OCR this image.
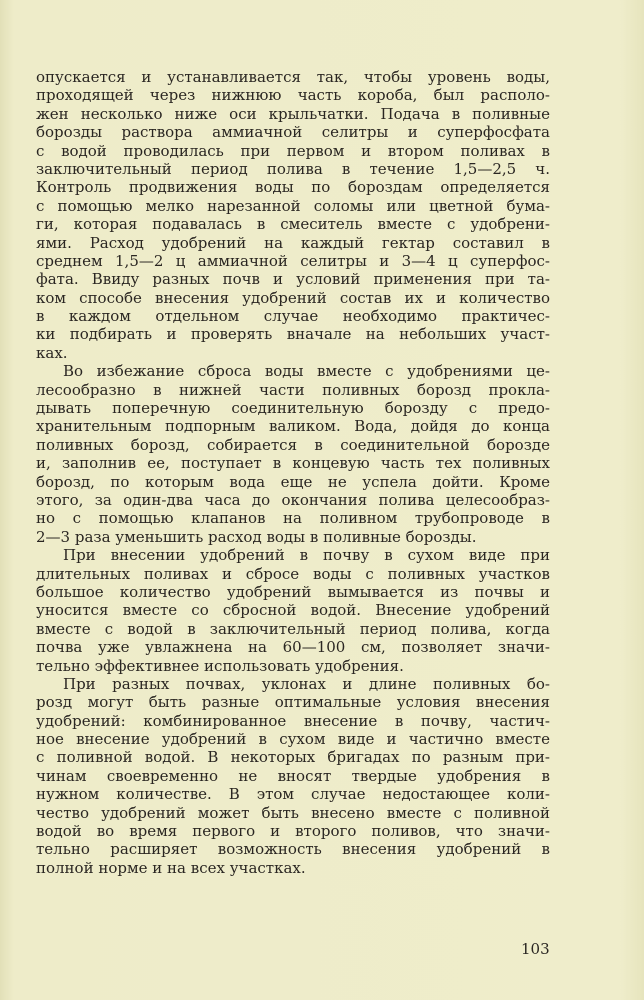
опускается и устанавливается так, чтобы уровень воды,
проходящей через нижнюю часть короба, был располо-
жен несколько ниже оси крыльчатки. Подача в поливные
борозды раствора аммиачной селитры и суперфосфата
с водой проводилась при первом и втором поливах в
заключительный период полива в течение 1,5—2,5 ч.
Контроль продвижения воды по бороздам определяется
с помощью мелко нарезанной соломы или цветной бума-
ги, которая подавалась в смеситель вместе с удобрени-
ями. Расход удобрений на каждый гектар составил в
среднем 1,5—2 ц аммиачной селитры и 3—4 ц суперфос-
фата. Ввиду разных почв и условий применения при та-
ком способе внесения удобрений состав их и количество
в каждом отдельном случае необходимо практичес-
ки подбирать и проверять вначале на небольших участ-
ках.
Во избежание сброса воды вместе с удобрениями це-
лесообразно в нижней части поливных борозд прокла-
дывать поперечную соединительную борозду с предо-
хранительным подпорным валиком. Вода, дойдя до конца
поливных борозд, собирается в соединительной борозде
и, заполнив ее, поступает в концевую часть тех поливных
борозд, по которым вода еще не успела дойти. Кроме
этого, за один-два часа до окончания полива целесообраз-
но с помощью клапанов на поливном трубопроводе в
2—3 раза уменьшить расход воды в поливные борозды.
При внесении удобрений в почву в сухом виде при
длительных поливах и сбросе воды с поливных участков
большое количество удобрений вымывается из почвы и
уносится вместе со сбросной водой. Внесение удобрений
вместе с водой в заключительный период полива, когда
почва уже увлажнена на 60—100 см, позволяет значи-
тельно эффективнее использовать удобрения.
При разных почвах, уклонах и длине поливных бо-
розд могут быть разные оптимальные условия внесения
удобрений: комбинированное внесение в почву, частич-
ное внесение удобрений в сухом виде и частично вместе
с поливной водой. В некоторых бригадах по разным при-
чинам своевременно не вносят твердые удобрения в
нужном количестве. В этом случае недостающее коли-
чество удобрений может быть внесено вместе с поливной
водой во время первого и второго поливов, что значи-
тельно расширяет возможность внесения удобрений в
полной норме и на всех участках.
103
